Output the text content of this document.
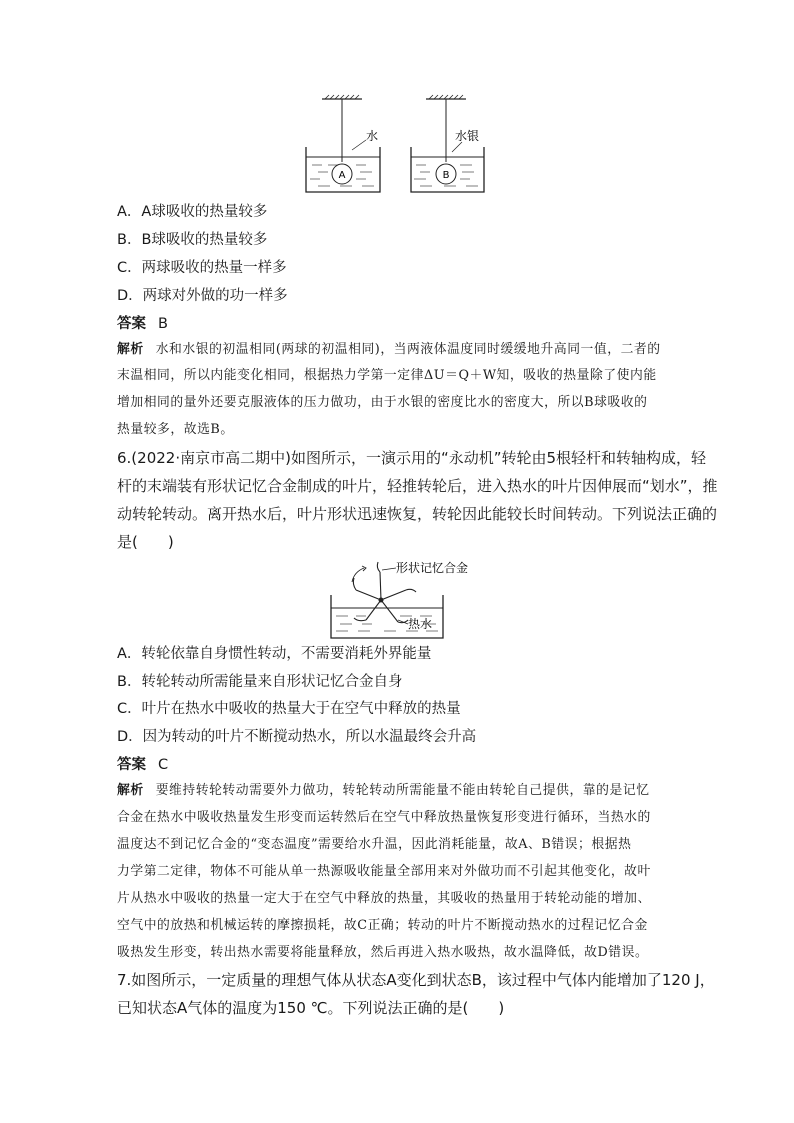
A
水
B
水银
A．A球吸收的热量较多
B．B球吸收的热量较多
C．两球吸收的热量一样多
D．两球对外做的功一样多
答案 B
解析 水和水银的初温相同(两球的初温相同)，当两液体温度同时缓缓地升高同一值，二者的
末温相同，所以内能变化相同，根据热力学第一定律ΔU＝Q＋W知，吸收的热量除了使内能
增加相同的量外还要克服液体的压力做功，由于水银的密度比水的密度大，所以B球吸收的
热量较多，故选B。
6.(2022·南京市高二期中)如图所示，一演示用的“永动机”转轮由5根轻杆和转轴构成，轻
杆的末端装有形状记忆合金制成的叶片，轻推转轮后，进入热水的叶片因伸展而“划水”，推
动转轮转动。离开热水后，叶片形状迅速恢复，转轮因此能较长时间转动。下列说法正确的
是(　　)
形状记忆合金
热水
A．转轮依靠自身惯性转动，不需要消耗外界能量
B．转轮转动所需能量来自形状记忆合金自身
C．叶片在热水中吸收的热量大于在空气中释放的热量
D．因为转动的叶片不断搅动热水，所以水温最终会升高
答案 C
解析 要维持转轮转动需要外力做功，转轮转动所需能量不能由转轮自己提供，靠的是记忆
合金在热水中吸收热量发生形变而运转然后在空气中释放热量恢复形变进行循环，当热水的
温度达不到记忆合金的“变态温度”需要给水升温，因此消耗能量，故A、B错误；根据热
力学第二定律，物体不可能从单一热源吸收能量全部用来对外做功而不引起其他变化，故叶
片从热水中吸收的热量一定大于在空气中释放的热量，其吸收的热量用于转轮动能的增加、
空气中的放热和机械运转的摩擦损耗，故C正确；转动的叶片不断搅动热水的过程记忆合金
吸热发生形变，转出热水需要将能量释放，然后再进入热水吸热，故水温降低，故D错误。
7.如图所示，一定质量的理想气体从状态A变化到状态B，该过程中气体内能增加了120 J，
已知状态A气体的温度为150 ℃。下列说法正确的是(　　)
